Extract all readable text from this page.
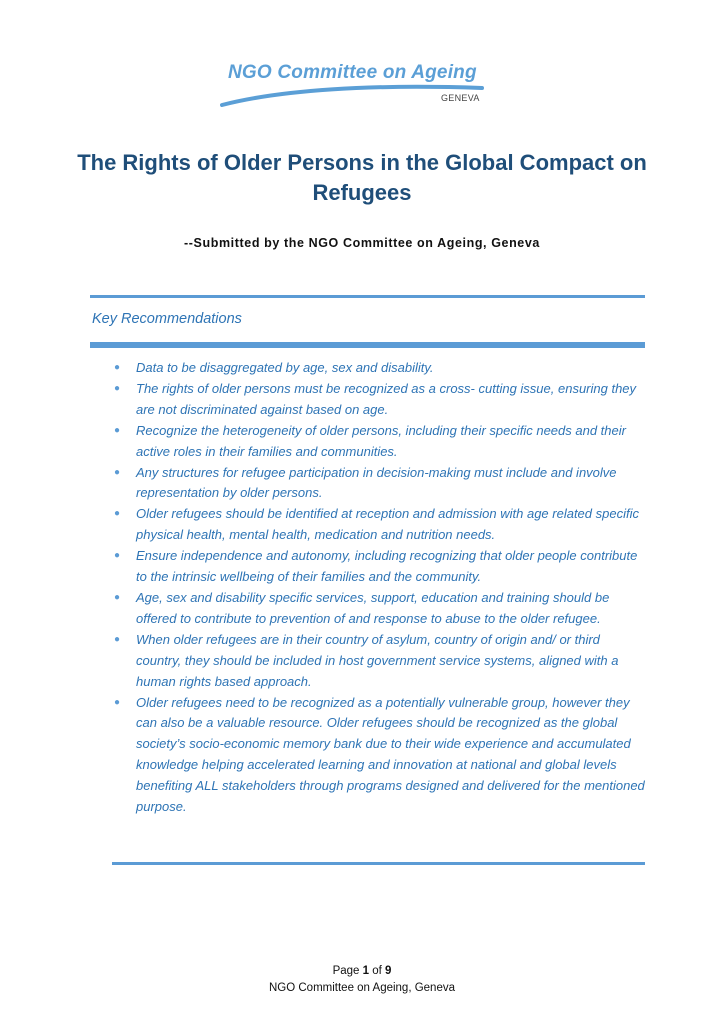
NGO Committee on Ageing
GENEVA
The Rights of Older Persons in the Global Compact on Refugees
--Submitted by the NGO Committee on Ageing, Geneva
Key Recommendations
● Data to be disaggregated by age, sex and disability.
● The rights of older persons must be recognized as a cross- cutting issue, ensuring they are not discriminated against based on age.
● Recognize the heterogeneity of older persons, including their specific needs and their active roles in their families and communities.
● Any structures for refugee participation in decision-making must include and involve representation by older persons.
● Older refugees should be identified at reception and admission with age related specific physical health, mental health, medication and nutrition needs.
● Ensure independence and autonomy, including recognizing that older people contribute to the intrinsic wellbeing of their families and the community.
● Age, sex and disability specific services, support, education and training should be offered to contribute to prevention of and response to abuse to the older refugee.
● When older refugees are in their country of asylum, country of origin and/ or third country, they should be included in host government service systems, aligned with a human rights based approach.
● Older refugees need to be recognized as a potentially vulnerable group, however they can also be a valuable resource. Older refugees should be recognized as the global society’s socio-economic memory bank due to their wide experience and accumulated knowledge helping accelerated learning and innovation at national and global levels benefiting ALL stakeholders through programs designed and delivered for the mentioned purpose.
Page 1 of 9
NGO Committee on Ageing, Geneva
